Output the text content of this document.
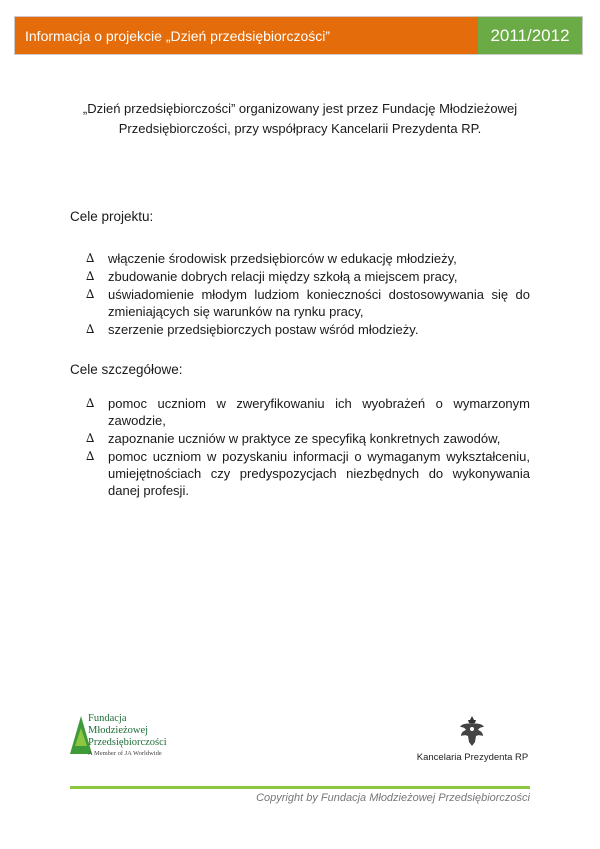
Informacja o projekcie „Dzień przedsiębiorczości”	2011/2012
„Dzień przedsiębiorczości” organizowany jest przez Fundację Młodzieżowej Przedsiębiorczości, przy współpracy Kancelarii Prezydenta RP.
Cele projektu:
∆ włączenie środowisk przedsiębiorców w edukację młodzieży,
∆ zbudowanie dobrych relacji między szkołą a miejscem pracy,
∆ uświadomienie młodym ludziom konieczności dostosowywania się do zmieniających się warunków na rynku pracy,
∆ szerzenie przedsiębiorczych postaw wśród młodzieży.
Cele szczegółowe:
∆ pomoc uczniom w zweryfikowaniu ich wyobrażeń o wymarzonym zawodzie,
∆ zapoznanie uczniów w praktyce ze specyfiką konkretnych zawodów,
∆ pomoc uczniom w pozyskaniu informacji o wymaganym wykształceniu, umiejętnościach czy predyspozycjach niezbędnych do wykonywania danej profesji.
Fundacja
Młodzieżowej
Przedsiębiorczości
A Member of JA Worldwide	Kancelaria Prezydenta RP
Copyright by Fundacja Młodzieżowej Przedsiębiorczości
